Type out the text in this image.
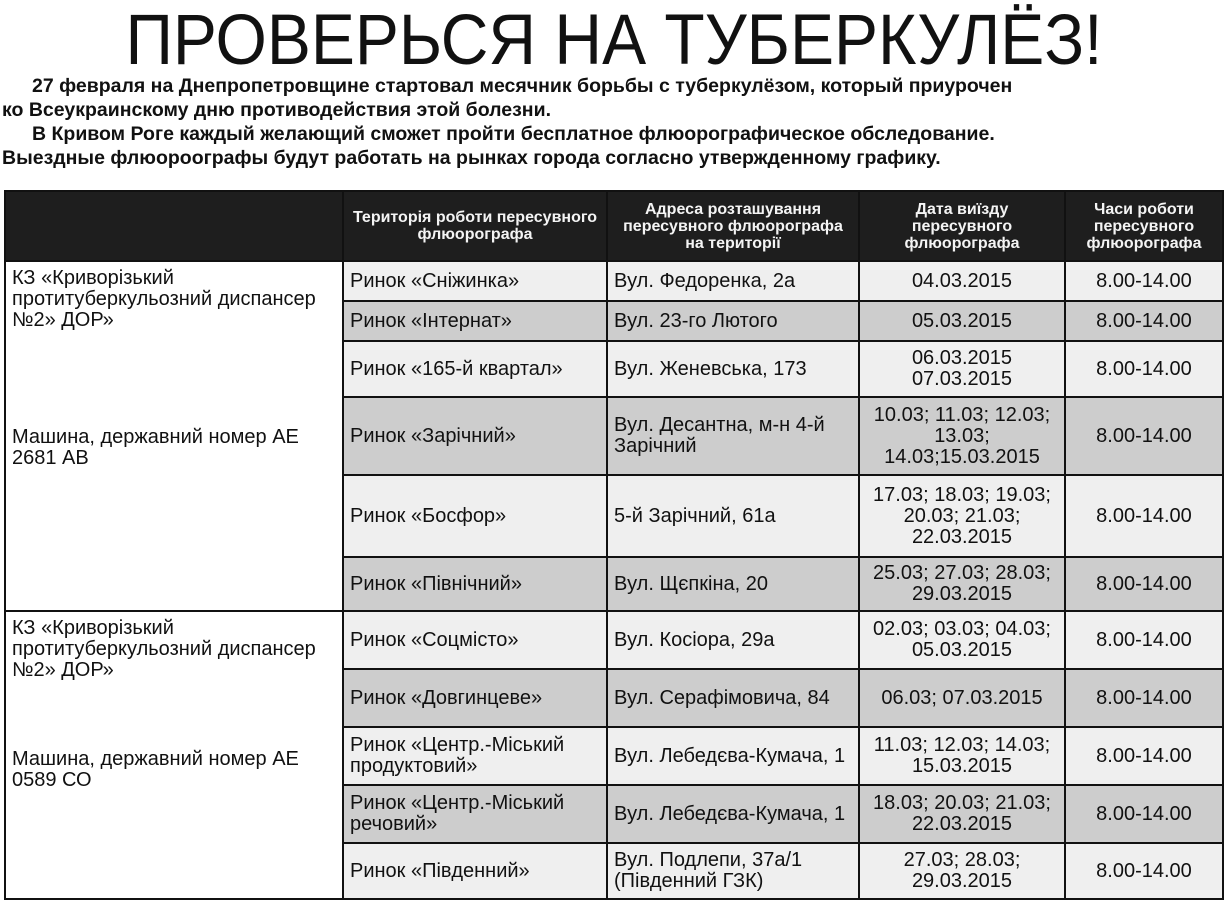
ПРОВЕРЬСЯ НА ТУБЕРКУЛЁЗ!

27 февраля на Днепропетровщине стартовал месячник борьбы с туберкулёзом, который приурочен

ко Всеукраинскому дню противодействия этой болезни.

В Кривом Роге каждый желающий сможет пройти бесплатное флюорографическое обследование.

Выездные флюороографы будут работать на рынках города согласно утвержденному графику.

	Територія роботи пересувного флюорографа	Адреса розташування пересувного флюорографа на території	Дата виїзду пересувного флюорографа	Часи роботи пересувного флюорографа

КЗ «Криворізький протитуберкульозний диспансер №2» ДОР»
Машина, державний номер АЕ 2681 АВ	Ринок «Сніжинка»	Вул. Федоренка, 2а	04.03.2015	8.00-14.00
	Ринок «Інтернат»	Вул. 23-го Лютого	05.03.2015	8.00-14.00
	Ринок «165-й квартал»	Вул. Женевська, 173	06.03.2015 07.03.2015	8.00-14.00
	Ринок «Зарічний»	Вул. Десантна, м-н 4-й Зарічний	10.03; 11.03; 12.03; 13.03; 14.03;15.03.2015	8.00-14.00
	Ринок «Босфор»	5-й Зарічний, 61а	17.03; 18.03; 19.03; 20.03; 21.03; 22.03.2015	8.00-14.00
	Ринок «Північний»	Вул. Щєпкіна, 20	25.03; 27.03; 28.03; 29.03.2015	8.00-14.00

КЗ «Криворізький протитуберкульозний диспансер №2» ДОР»
Машина, державний номер АЕ 0589 СО	Ринок «Соцмісто»	Вул. Косіора, 29а	02.03; 03.03; 04.03; 05.03.2015	8.00-14.00
	Ринок «Довгинцеве»	Вул. Серафімовича, 84	06.03; 07.03.2015	8.00-14.00
	Ринок «Центр.-Міський продуктовий»	Вул. Лебедєва-Кумача, 1	11.03; 12.03; 14.03; 15.03.2015	8.00-14.00
	Ринок «Центр.-Міський речовий»	Вул. Лебедєва-Кумача, 1	18.03; 20.03; 21.03; 22.03.2015	8.00-14.00
	Ринок «Південний»	Вул. Подлепи, 37а/1 (Південний ГЗК)	27.03; 28.03; 29.03.2015	8.00-14.00
